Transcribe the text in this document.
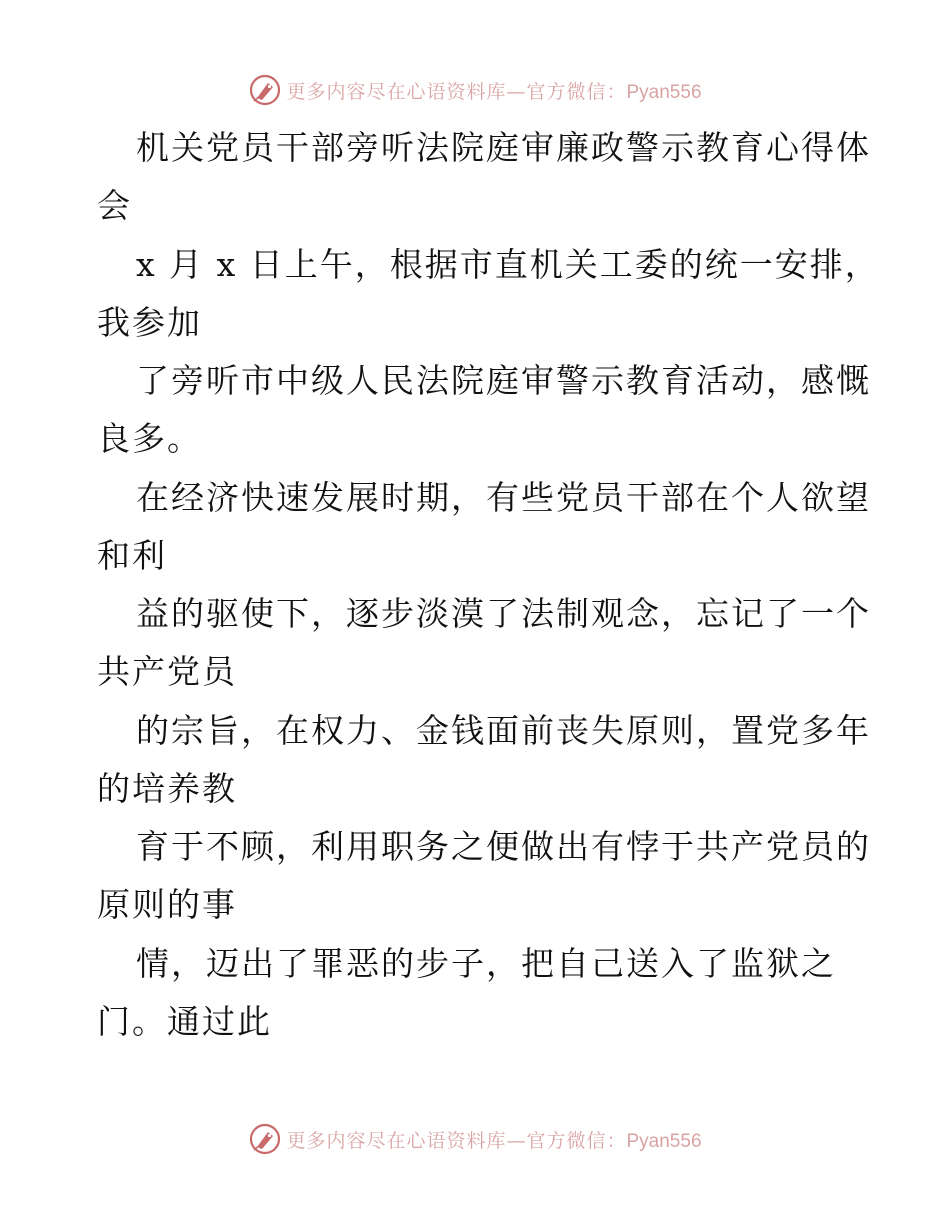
更多内容尽在心语资料库—官方微信：Pyan556
机关党员干部旁听法院庭审廉政警示教育心得体
会
x 月 x 日上午，根据市直机关工委的统一安排，
我参加
了旁听市中级人民法院庭审警示教育活动，感慨
良多。
在经济快速发展时期，有些党员干部在个人欲望
和利
益的驱使下，逐步淡漠了法制观念，忘记了一个
共产党员
的宗旨，在权力、金钱面前丧失原则，置党多年
的培养教
育于不顾，利用职务之便做出有悖于共产党员的
原则的事
情，迈出了罪恶的步子，把自己送入了监狱之
门。通过此
更多内容尽在心语资料库—官方微信：Pyan556
